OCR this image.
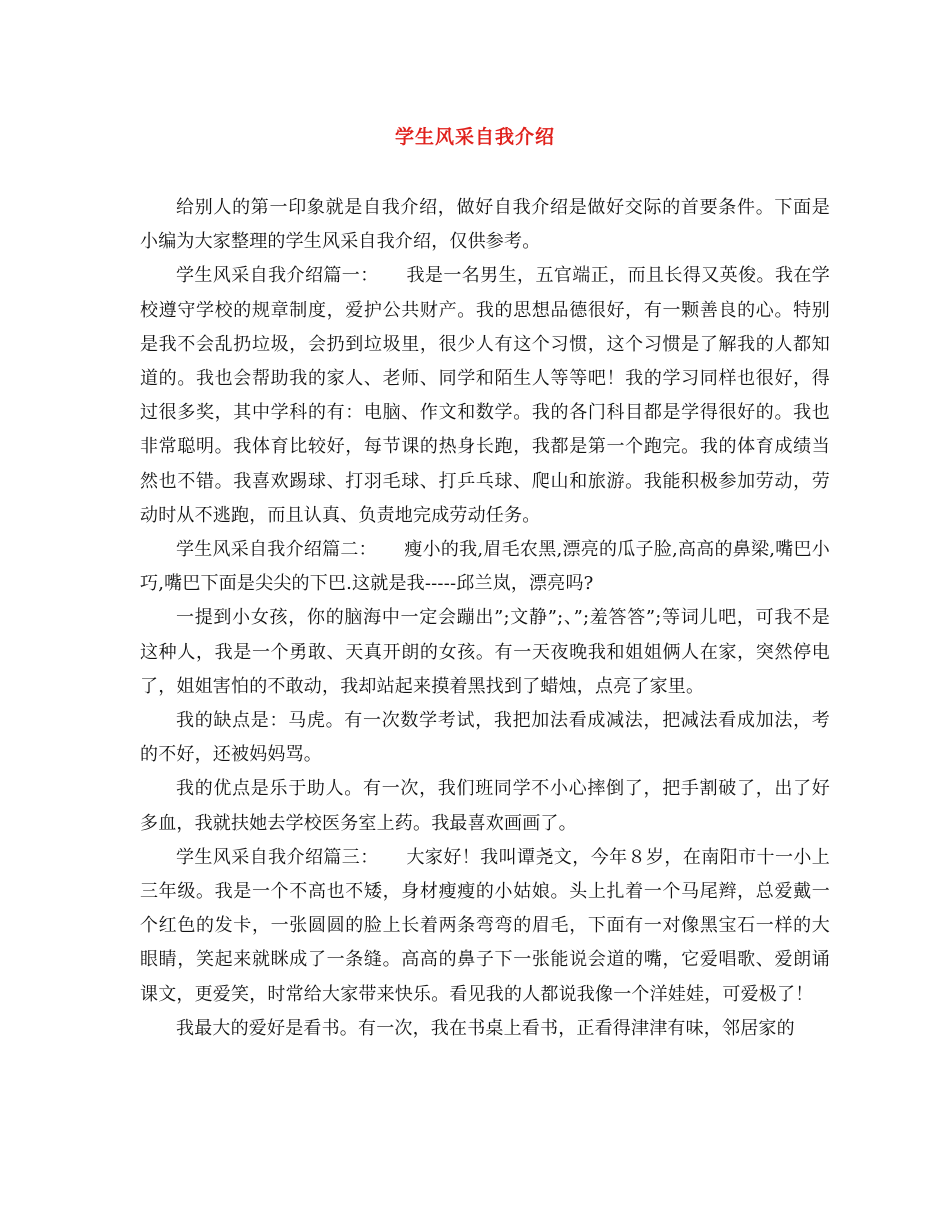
学生风采自我介绍

给别人的第一印象就是自我介绍，做好自我介绍是做好交际的首要条件。下面是小编为大家整理的学生风采自我介绍，仅供参考。

学生风采自我介绍篇一：　　我是一名男生，五官端正，而且长得又英俊。我在学校遵守学校的规章制度，爱护公共财产。我的思想品德很好，有一颗善良的心。特别是我不会乱扔垃圾，会扔到垃圾里，很少人有这个习惯，这个习惯是了解我的人都知道的。我也会帮助我的家人、老师、同学和陌生人等等吧！我的学习同样也很好，得过很多奖，其中学科的有：电脑、作文和数学。我的各门科目都是学得很好的。我也非常聪明。我体育比较好，每节课的热身长跑，我都是第一个跑完。我的体育成绩当然也不错。我喜欢踢球、打羽毛球、打乒乓球、爬山和旅游。我能积极参加劳动，劳动时从不逃跑，而且认真、负责地完成劳动任务。

学生风采自我介绍篇二：　　瘦小的我,眉毛农黑,漂亮的瓜子脸,高高的鼻梁,嘴巴小巧,嘴巴下面是尖尖的下巴.这就是我-----邱兰岚，漂亮吗?

一提到小女孩，你的脑海中一定会蹦出”;文静”;、”;羞答答”;等词儿吧，可我不是这种人，我是一个勇敢、天真开朗的女孩。有一天夜晚我和姐姐俩人在家，突然停电了，姐姐害怕的不敢动，我却站起来摸着黑找到了蜡烛，点亮了家里。

我的缺点是：马虎。有一次数学考试，我把加法看成减法，把减法看成加法，考的不好，还被妈妈骂。

我的优点是乐于助人。有一次，我们班同学不小心摔倒了，把手割破了，出了好多血，我就扶她去学校医务室上药。我最喜欢画画了。

学生风采自我介绍篇三：　　大家好！我叫谭尧文，今年８岁，在南阳市十一小上三年级。我是一个不高也不矮，身材瘦瘦的小姑娘。头上扎着一个马尾辫，总爱戴一个红色的发卡，一张圆圆的脸上长着两条弯弯的眉毛，下面有一对像黑宝石一样的大眼睛，笑起来就眯成了一条缝。高高的鼻子下一张能说会道的嘴，它爱唱歌、爱朗诵课文，更爱笑，时常给大家带来快乐。看见我的人都说我像一个洋娃娃，可爱极了！

我最大的爱好是看书。有一次，我在书桌上看书，正看得津津有味，邻居家的
